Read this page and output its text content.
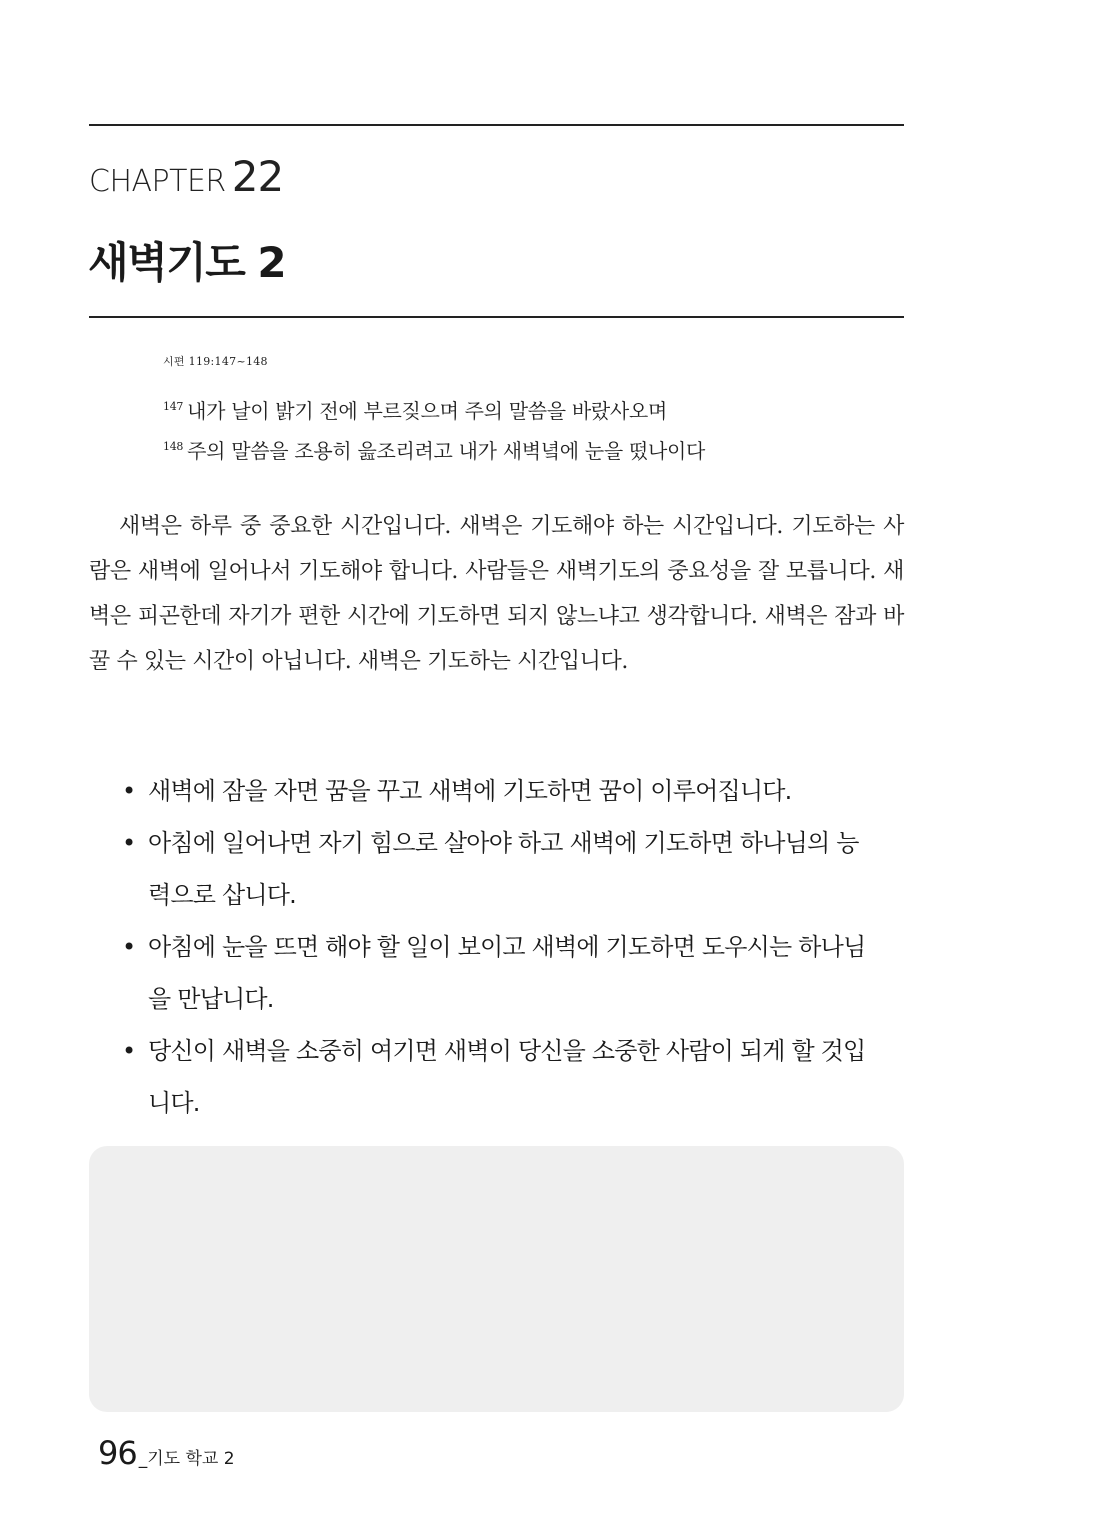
CHAPTER 22
새벽기도 2
시편 119:147~148
$^{147}$ 내가 날이 밝기 전에 부르짖으며 주의 말씀을 바랐사오며
$^{148}$ 주의 말씀을 조용히 읊조리려고 내가 새벽녘에 눈을 떴나이다

새벽은 하루 중 중요한 시간입니다. 새벽은 기도해야 하는 시간입니다. 기도하는 사람은 새벽에 일어나서 기도해야 합니다. 사람들은 새벽기도의 중요성을 잘 모릅니다. 새벽은 피곤한데 자기가 편한 시간에 기도하면 되지 않느냐고 생각합니다. 새벽은 잠과 바꿀 수 있는 시간이 아닙니다. 새벽은 기도하는 시간입니다.

• 새벽에 잠을 자면 꿈을 꾸고 새벽에 기도하면 꿈이 이루어집니다.
• 아침에 일어나면 자기 힘으로 살아야 하고 새벽에 기도하면 하나님의 능력으로 삽니다.
• 아침에 눈을 뜨면 해야 할 일이 보이고 새벽에 기도하면 도우시는 하나님을 만납니다.
• 당신이 새벽을 소중히 여기면 새벽이 당신을 소중한 사람이 되게 할 것입니다.
96 _기도 학교 2
